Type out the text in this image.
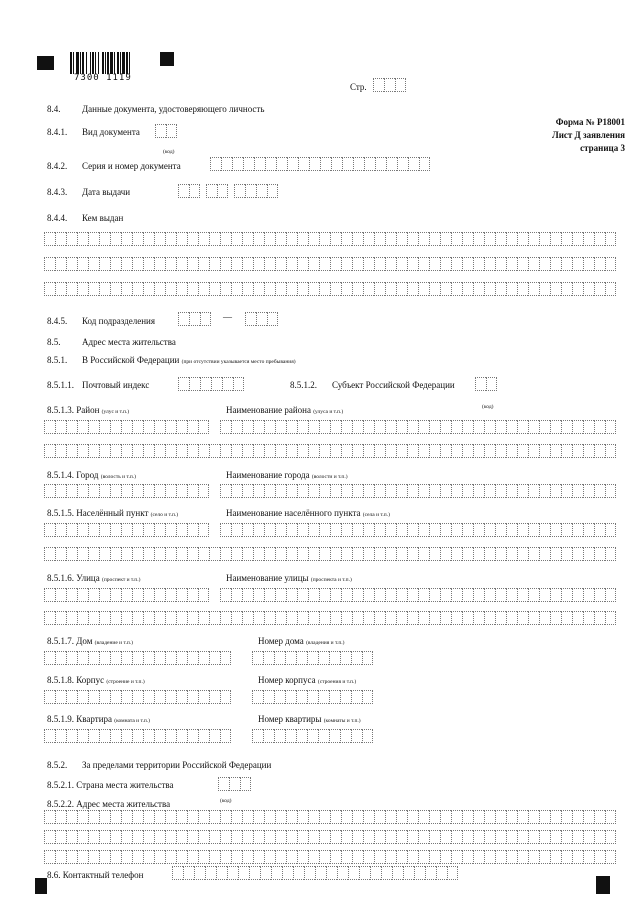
7300 1119
Стр.
Форма № Р18001
Лист Д заявления
страница 3
8.4. Данные документа, удостоверяющего личность
8.4.1. Вид документа
(код)
8.4.2. Серия и номер документа
8.4.3. Дата выдачи
8.4.4. Кем выдан
8.4.5. Код подразделения	—
8.5. Адрес места жительства
8.5.1. В Российской Федерации (при отсутствии указывается место пребывания)
8.5.1.1. Почтовый индекс	8.5.1.2. Субъект Российской Федерации
(код)
8.5.1.3. Район (улус и т.п.)	Наименование района (улуса и т.п.)
8.5.1.4. Город (волость и т.п.)	Наименование города (волости и т.п.)
8.5.1.5. Населённый пункт (село и т.п.)	Наименование населённого пункта (села и т.п.)
8.5.1.6. Улица (проспект и т.п.)	Наименование улицы (проспекта и т.п.)
8.5.1.7. Дом (владение и т.п.)	Номер дома (владения и т.п.)
8.5.1.8. Корпус (строение и т.п.)	Номер корпуса (строения и т.п.)
8.5.1.9. Квартира (комната и т.п.)	Номер квартиры (комнаты и т.п.)
8.5.2. За пределами территории Российской Федерации
8.5.2.1. Страна места жительства
8.5.2.2. Адрес места жительства	(код)
8.6. Контактный телефон
